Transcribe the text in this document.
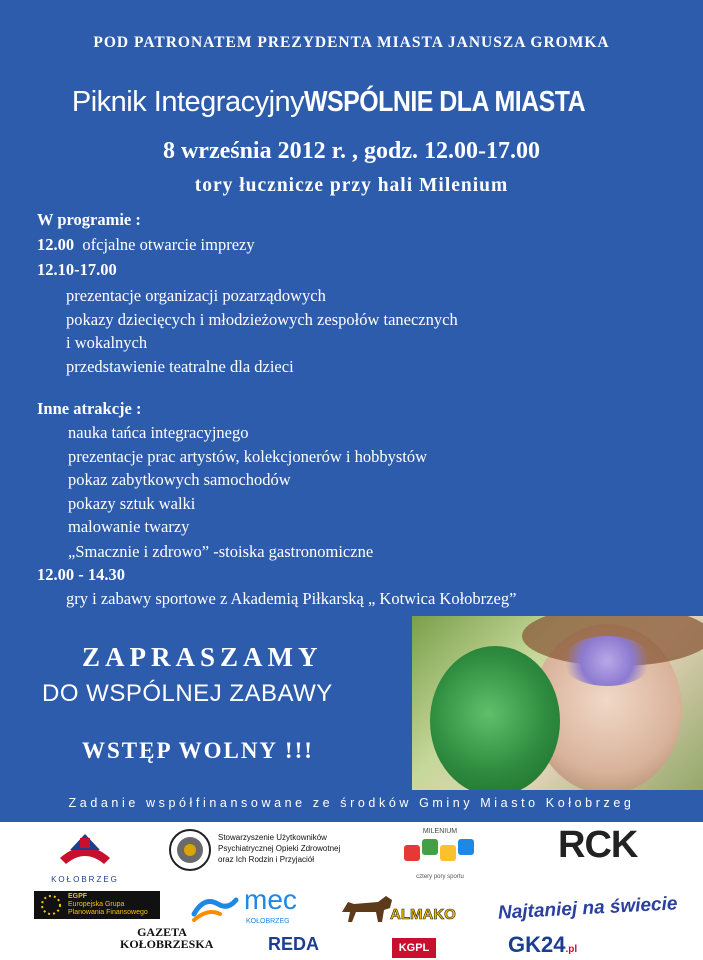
POD PATRONATEM PREZYDENTA MIASTA JANUSZA GROMKA
Piknik IntegracyjnyWSPÓLNIE DLA MIASTA
8 września 2012 r. , godz. 12.00-17.00
tory łucznicze przy hali Milenium
W programie :
12.00 ofcjalne otwarcie imprezy
12.10-17.00
prezentacje organizacji pozarządowych
pokazy dziecięcych i młodzieżowych zespołów tanecznych
i wokalnych
przedstawienie teatralne dla dzieci
Inne atrakcje :
nauka tańca integracyjnego
prezentacje prac artystów, kolekcjonerów i hobbystów
pokaz zabytkowych samochodów
pokazy sztuk walki
malowanie twarzy
„Smacznie i zdrowo” -stoiska gastronomiczne
12.00 - 14.30
gry i zabawy sportowe z Akademią Piłkarską „ Kotwica Kołobrzeg”
ZAPRASZAMY
DO WSPÓLNEJ ZABAWY
WSTĘP WOLNY !!!
Zadanie współfinansowane ze środków Gminy Miasto Kołobrzeg
KOŁOBRZEG
Stowarzyszenie Użytkowników
Psychiatrycznej Opieki Zdrowotnej
oraz Ich Rodzin i Przyjaciół
MILENIUM
cztery pory sportu
RCK
EGPF
Europejska Grupa
Planowania Finansowego	mec
KOŁOBRZEG	ALMAKO Najtaniej na świecie
GAZETA
KOŁOBRZESKA	REDA	KGPL	GK24.pl
